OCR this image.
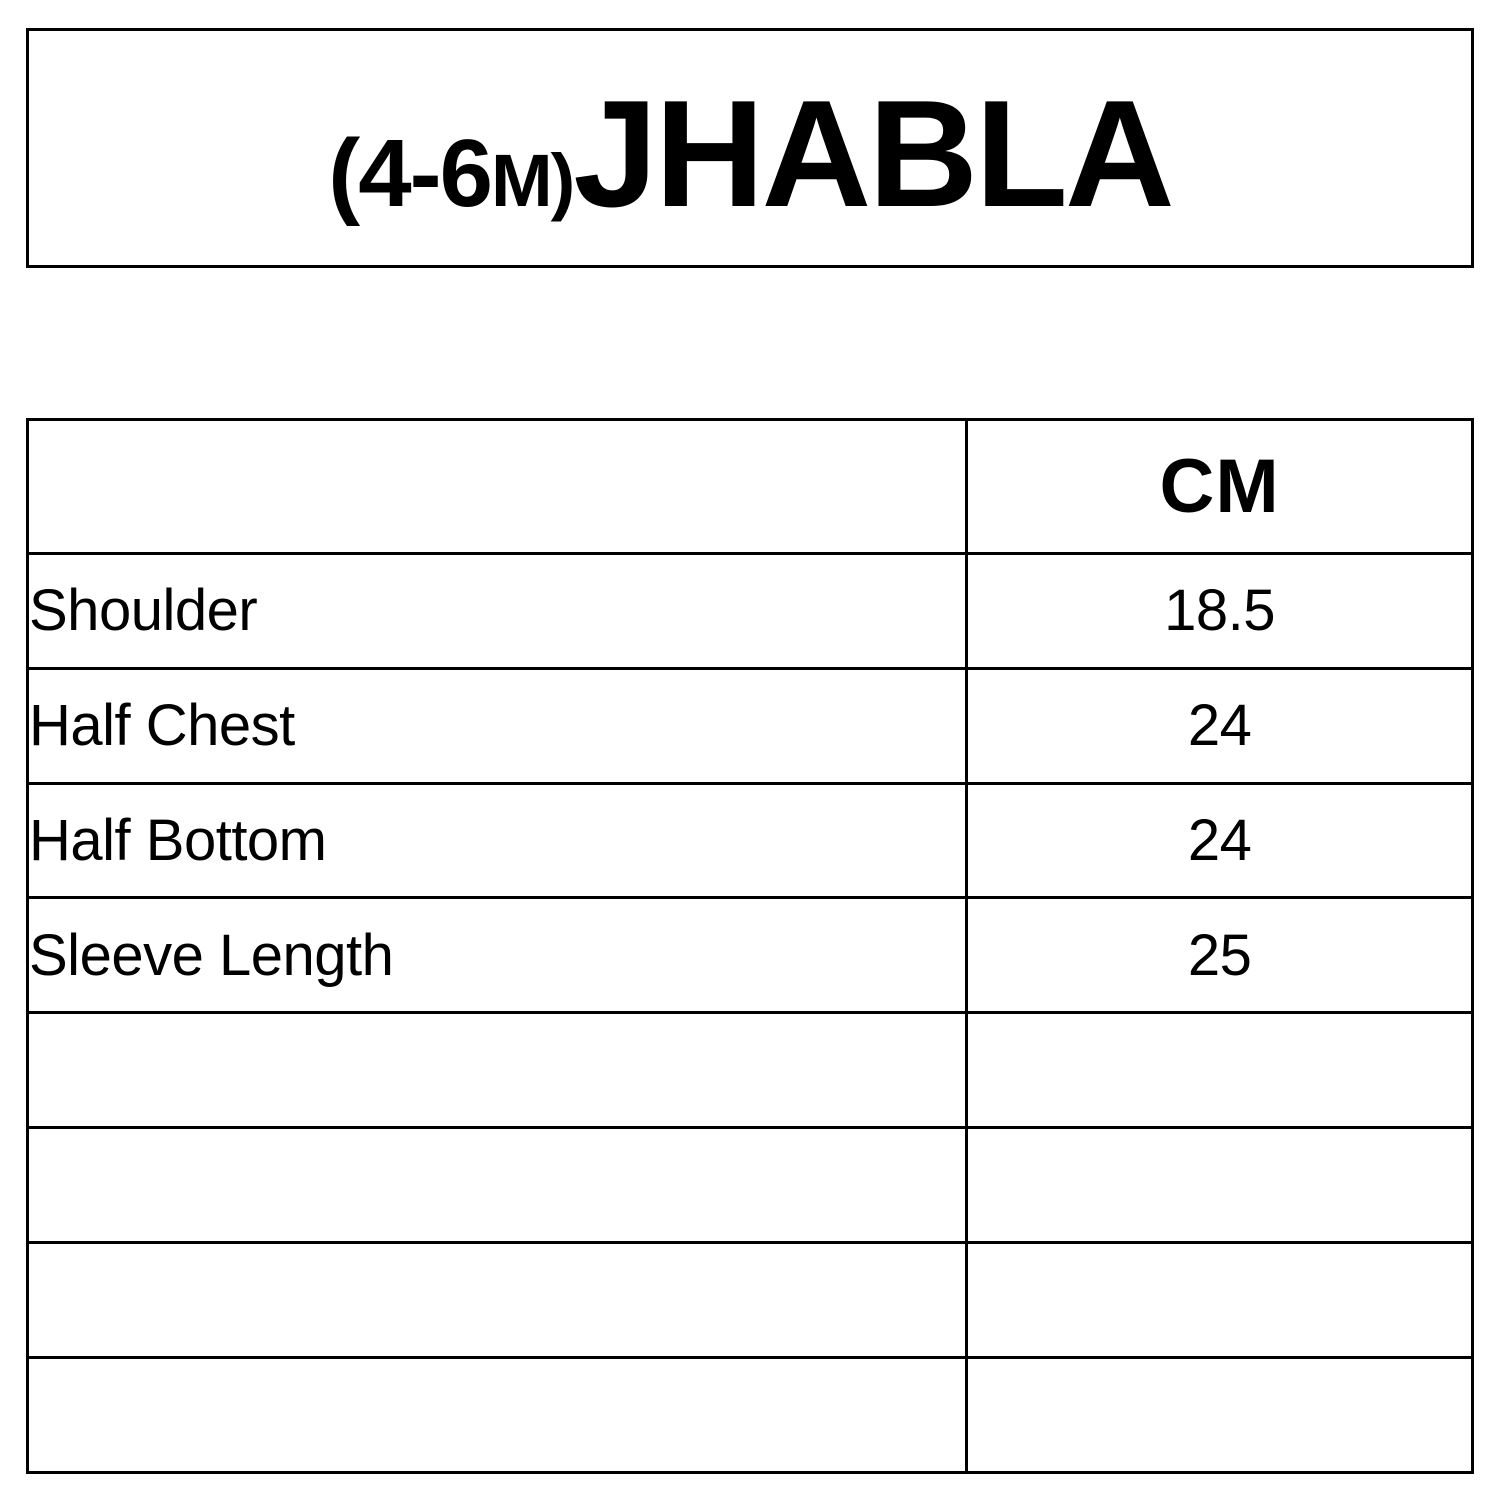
(4-6M) JHABLA
	CM
Shoulder	18.5
Half Chest	24
Half Bottom	24
Sleeve Length	25
